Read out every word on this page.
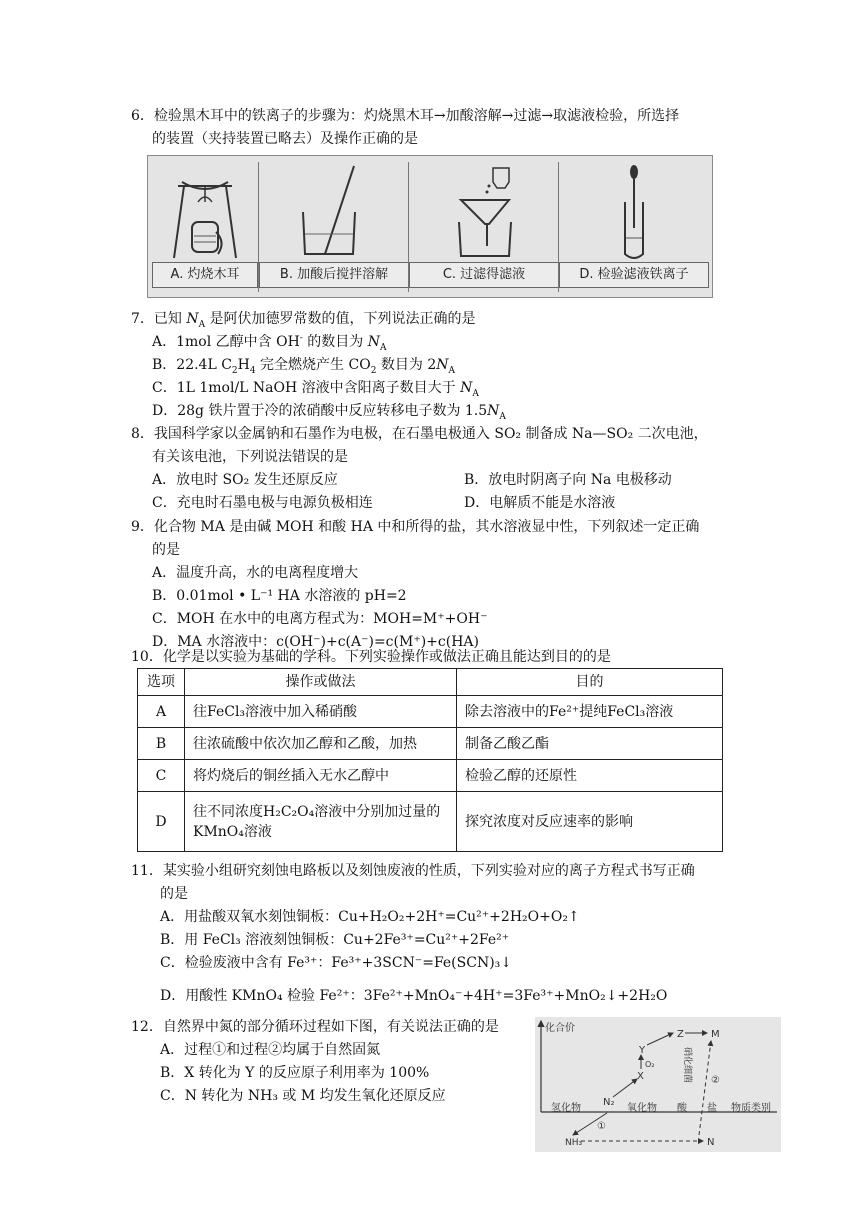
6．检验黑木耳中的铁离子的步骤为：灼烧黑木耳→加酸溶解→过滤→取滤液检验，所选择
的装置（夹持装置已略去）及操作正确的是
A. 灼烧木耳	B. 加酸后搅拌溶解	C. 过滤得滤液	D. 检验滤液铁离子
7．已知 $N_A$ 是阿伏加德罗常数的值，下列说法正确的是
A．1mol 乙醇中含 OH- 的数目为 $N_A$
B．22.4L $C_2H_4$ 完全燃烧产生 $CO_2$ 数目为 $2N_A$
C．1L 1mol/L NaOH 溶液中含阳离子数目大于 $N_A$
D．28g 铁片置于冷的浓硝酸中反应转移电子数为 $1.5N_A$
8．我国科学家以金属钠和石墨作为电极，在石墨电极通入 SO₂ 制备成 Na—SO₂ 二次电池，
有关该电池，下列说法错误的是
A．放电时 SO₂ 发生还原反应	B．放电时阴离子向 Na 电极移动
C．充电时石墨电极与电源负极相连	D．电解质不能是水溶液
9．化合物 MA 是由碱 MOH 和酸 HA 中和所得的盐，其水溶液显中性，下列叙述一定正确
的是
A．温度升高，水的电离程度增大
B．0.01mol • L⁻¹ HA 水溶液的 pH=2
C．MOH 在水中的电离方程式为：MOH=M⁺+OH⁻
D．MA 水溶液中：c(OH⁻)+c(A⁻)=c(M⁺)+c(HA)
10．化学是以实验为基础的学科。下列实验操作或做法正确且能达到目的的是
选项	操作或做法	目的
A	往FeCl₃溶液中加入稀硝酸	除去溶液中的Fe²⁺提纯FeCl₃溶液
B	往浓硫酸中依次加乙醇和乙酸，加热	制备乙酸乙酯
C	将灼烧后的铜丝插入无水乙醇中	检验乙醇的还原性
D	往不同浓度H₂C₂O₄溶液中分别加过量的KMnO₄溶液	探究浓度对反应速率的影响
11．某实验小组研究刻蚀电路板以及刻蚀废液的性质，下列实验对应的离子方程式书写正确
的是
A．用盐酸双氧水刻蚀铜板：Cu+H₂O₂+2H⁺=Cu²⁺+2H₂O+O₂↑
B．用 FeCl₃ 溶液刻蚀铜板：Cu+2Fe³⁺=Cu²⁺+2Fe²⁺
C．检验废液中含有 Fe³⁺：Fe³⁺+3SCN⁻=Fe(SCN)₃↓
D．用酸性 KMnO₄ 检验 Fe²⁺：3Fe²⁺+MnO₄⁻+4H⁺=3Fe³⁺+MnO₂↓+2H₂O
12．自然界中氮的部分循环过程如下图，有关说法正确的是
A．过程①和过程②均属于自然固氮
B．X 转化为 Y 的反应原子利用率为 100%
C．N 转化为 NH₃ 或 M 均发生氧化还原反应
化合价
物质类别
氢化物
N₂
氧化物 酸 盐
Z	M
Y
O₂
X
NH₃	N
①
②
硝化细菌
